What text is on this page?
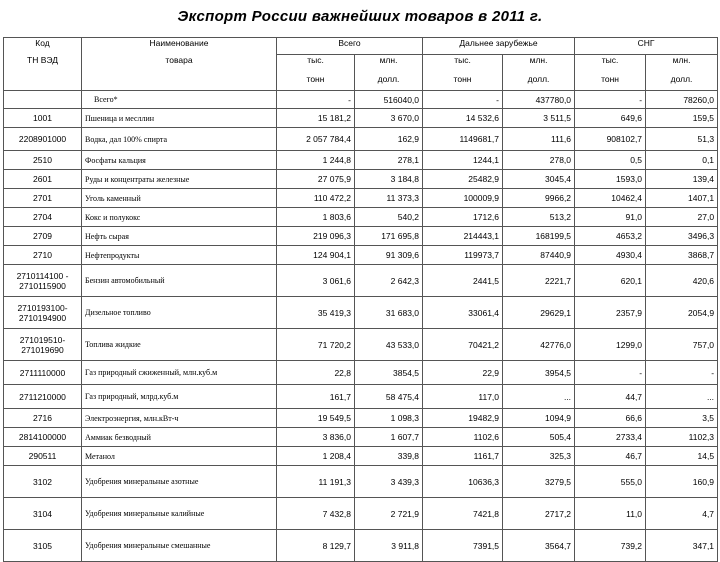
Экспорт России важнейших товаров в 2011 г.
Код	Наименование	Всего		Дальнее зарубежье		СНГ	
ТН ВЭД	товара	тыс.	млн.	тыс.	млн.	тыс.	млн.
		тонн	долл.	тонн	долл.	тонн	долл.
	Всего*	-	516040,0	-	437780,0	-	78260,0
1001	Пшеница и месллин	15 181,2	3 670,0	14 532,6	3 511,5	649,6	159,5
2208901000	Водка, дал 100% спирта	2 057 784,4	162,9	1149681,7	111,6	908102,7	51,3
2510	Фосфаты кальция	1 244,8	278,1	1244,1	278,0	0,5	0,1
2601	Руды и концентраты железные	27 075,9	3 184,8	25482,9	3045,4	1593,0	139,4
2701	Уголь каменный	110 472,2	11 373,3	100009,9	9966,2	10462,4	1407,1
2704	Кокс и полукокс	1 803,6	540,2	1712,6	513,2	91,0	27,0
2709	Нефть сырая	219 096,3	171 695,8	214443,1	168199,5	4653,2	3496,3
2710	Нефтепродукты	124 904,1	91 309,6	119973,7	87440,9	4930,4	3868,7
2710114100 - 2710115900	Бензин автомобильный	3 061,6	2 642,3	2441,5	2221,7	620,1	420,6
2710193100- 2710194900	Дизельное топливо	35 419,3	31 683,0	33061,4	29629,1	2357,9	2054,9
271019510- 271019690	Топлива жидкие	71 720,2	43 533,0	70421,2	42776,0	1299,0	757,0
2711110000	Газ природный сжиженный, млн.куб.м	22,8	3854,5	22,9	3954,5	-	-
2711210000	Газ природный, млрд.куб.м	161,7	58 475,4	117,0	...	44,7	...
2716	Электроэнергия, млн.кВт-ч	19 549,5	1 098,3	19482,9	1094,9	66,6	3,5
2814100000	Аммиак безводный	3 836,0	1 607,7	1102,6	505,4	2733,4	1102,3
290511	Метанол	1 208,4	339,8	1161,7	325,3	46,7	14,5
3102	Удобрения минеральные азотные	11 191,3	3 439,3	10636,3	3279,5	555,0	160,9
3104	Удобрения минеральные калийные	7 432,8	2 721,9	7421,8	2717,2	11,0	4,7
3105	Удобрения минеральные смешанные	8 129,7	3 911,8	7391,5	3564,7	739,2	347,1
